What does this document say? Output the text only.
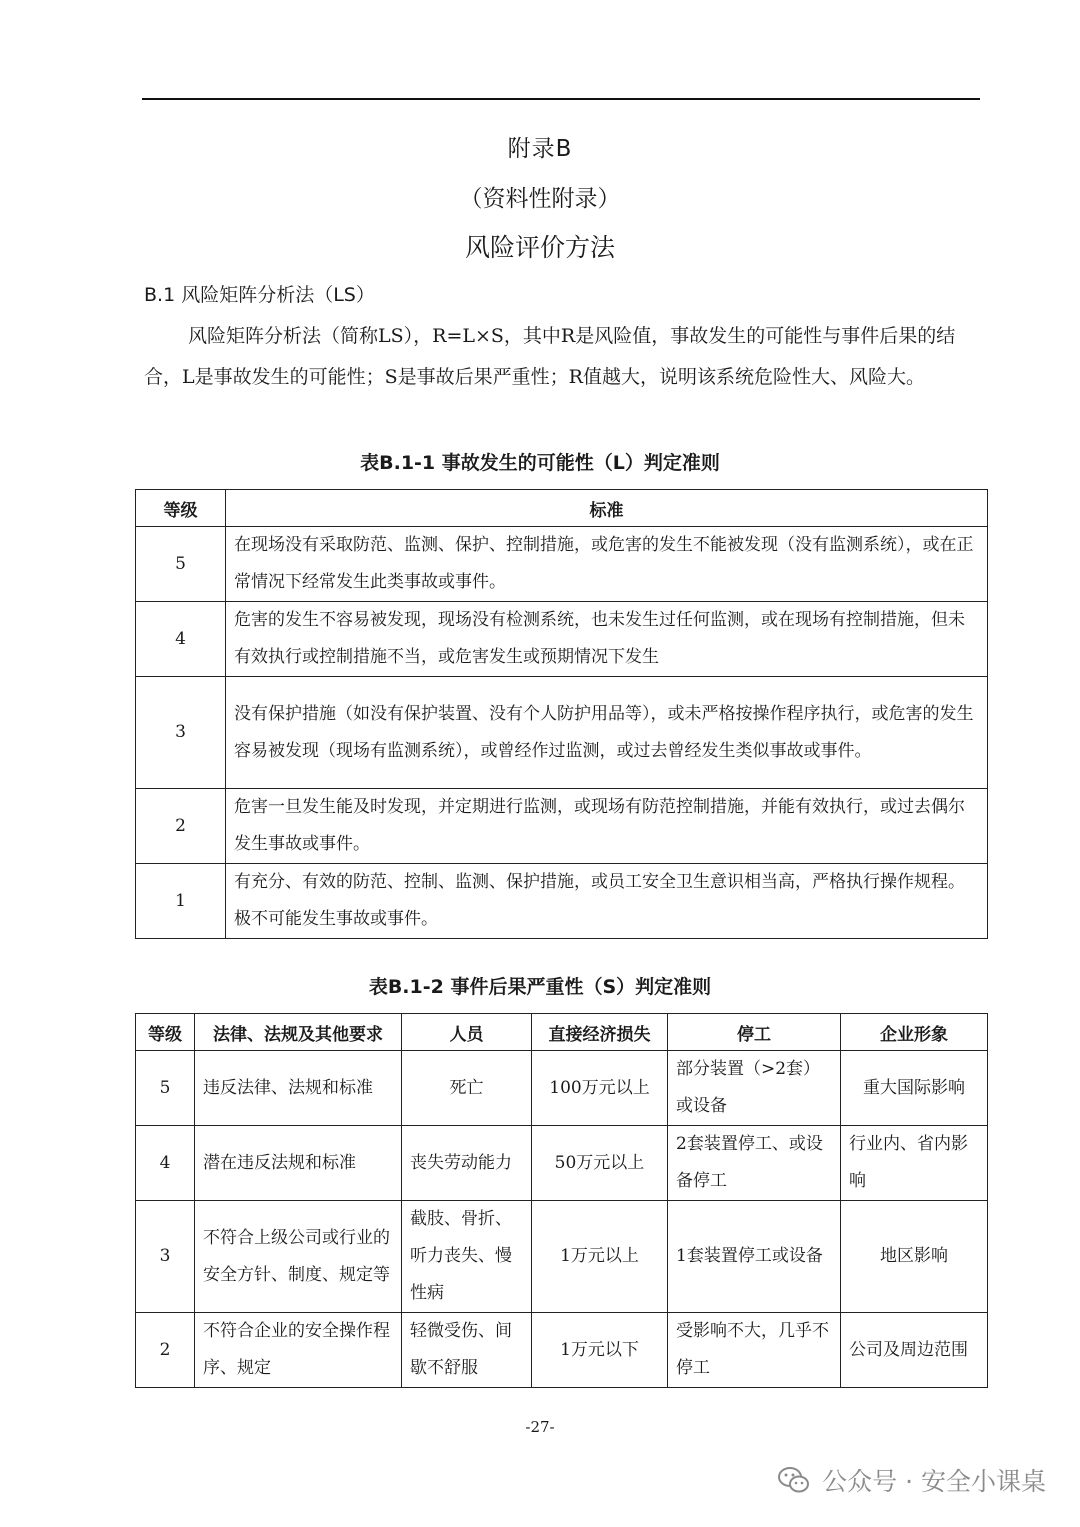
附录B
（资料性附录）
风险评价方法
B.1 风险矩阵分析法（LS）
风险矩阵分析法（简称LS），R=L×S，其中R是风险值，事故发生的可能性与事件后果的结合，L是事故发生的可能性；S是事故后果严重性；R值越大，说明该系统危险性大、风险大。
表B.1-1 事故发生的可能性（L）判定准则
等级	标准
5	在现场没有采取防范、监测、保护、控制措施，或危害的发生不能被发现（没有监测系统），或在正常情况下经常发生此类事故或事件。
4	危害的发生不容易被发现，现场没有检测系统，也未发生过任何监测，或在现场有控制措施，但未有效执行或控制措施不当，或危害发生或预期情况下发生
3	没有保护措施（如没有保护装置、没有个人防护用品等），或未严格按操作程序执行，或危害的发生容易被发现（现场有监测系统），或曾经作过监测，或过去曾经发生类似事故或事件。
2	危害一旦发生能及时发现，并定期进行监测，或现场有防范控制措施，并能有效执行，或过去偶尔发生事故或事件。
1	有充分、有效的防范、控制、监测、保护措施，或员工安全卫生意识相当高，严格执行操作规程。极不可能发生事故或事件。
表B.1-2 事件后果严重性（S）判定准则
等级	法律、法规及其他要求	人员	直接经济损失	停工	企业形象
5	违反法律、法规和标准	死亡	100万元以上	部分装置（>2套）或设备	重大国际影响
4	潜在违反法规和标准	丧失劳动能力	50万元以上	2套装置停工、或设备停工	行业内、省内影响
3	不符合上级公司或行业的安全方针、制度、规定等	截肢、骨折、听力丧失、慢性病	1万元以上	1套装置停工或设备	地区影响
2	不符合企业的安全操作程序、规定	轻微受伤、间歇不舒服	1万元以下	受影响不大，几乎不停工	公司及周边范围
-27-
公众号 · 安全小课桌
